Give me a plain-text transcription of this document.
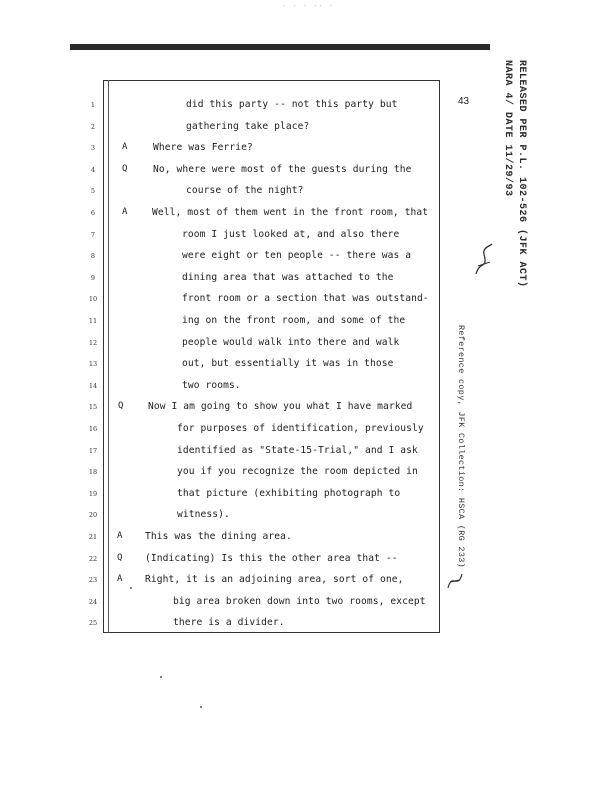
· · · ·· ·
43	RELEASED PER P.L. 102-526 (JFK ACT)
NARA 4/ DATE 11/29/93
Reference copy, JFK Collection: HSCA (RG 233)
1	did this party -- not this party but
2	gathering take place?
3	A	Where was Ferrie?
4	Q	No, where were most of the guests during the
5	course of the night?
6	A	Well, most of them went in the front room, that
7	room I just looked at, and also there
8	were eight or ten people -- there was a
9	dining area that was attached to the
10	front room or a section that was outstand-
11	ing on the front room, and some of the
12	people would walk into there and walk
13	out, but essentially it was in those
14	two rooms.
15	Q	Now I am going to show you what I have marked
16	for purposes of identification, previously
17	identified as "State-15-Trial," and I ask
18	you if you recognize the room depicted in
19	that picture (exhibiting photograph to
20	witness).
21	A This was the dining area.
22	Q (Indicating) Is this the other area that --
23	A Right, it is an adjoining area, sort of one,
24	big area broken down into two rooms, except
25	there is a divider.
